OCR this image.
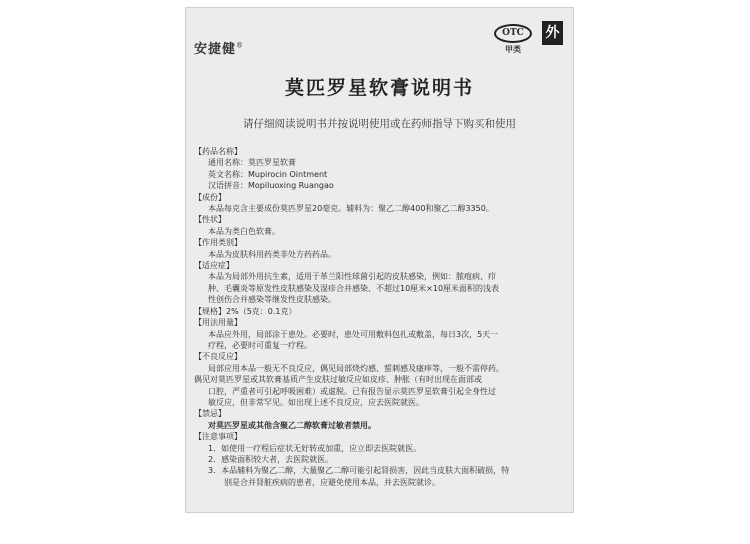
安捷健®
OTC
甲类
外
莫匹罗星软膏说明书
请仔细阅读说明书并按说明使用或在药师指导下购买和使用
【药品名称】
通用名称：莫匹罗星软膏
英文名称：Mupirocin Ointment
汉语拼音：Mopiluoxing Ruangao
【成份】
本品每克含主要成份莫匹罗星20毫克。辅料为：聚乙二醇400和聚乙二醇3350。
【性状】
本品为类白色软膏。
【作用类别】
本品为皮肤科用药类非处方药药品。
【适应症】
本品为局部外用抗生素，适用于革兰阳性球菌引起的皮肤感染，例如：脓疱病、疖
肿、毛囊炎等原发性皮肤感染及湿疹合并感染、不超过10厘米×10厘米面积的浅表
性创伤合并感染等继发性皮肤感染。
【规格】2%（5克：0.1克）
【用法用量】
本品应外用，局部涂于患处。必要时，患处可用敷料包扎或敷盖，每日3次，5天一
疗程，必要时可重复一疗程。
【不良反应】
局部应用本品一般无不良反应，偶见局部烧灼感、蜇刺感及瘙痒等，一般不需停药。
偶见对莫匹罗星或其软膏基质产生皮肤过敏反应如皮疹、肿胀（有时出现在面部或
口腔，严重者可引起呼吸困难）或虚脱。已有报告显示莫匹罗星软膏引起全身性过
敏反应，但非常罕见。如出现上述不良反应，应去医院就医。
【禁忌】
对莫匹罗星或其他含聚乙二醇软膏过敏者禁用。
【注意事项】
1．如使用一疗程后症状无好转或加重，应立即去医院就医。
2．感染面积较大者，去医院就医。
3．本品辅料为聚乙二醇，大量聚乙二醇可能引起肾损害，因此当皮肤大面积破损，特
别是合并肾脏疾病的患者，应避免使用本品，并去医院就诊。
